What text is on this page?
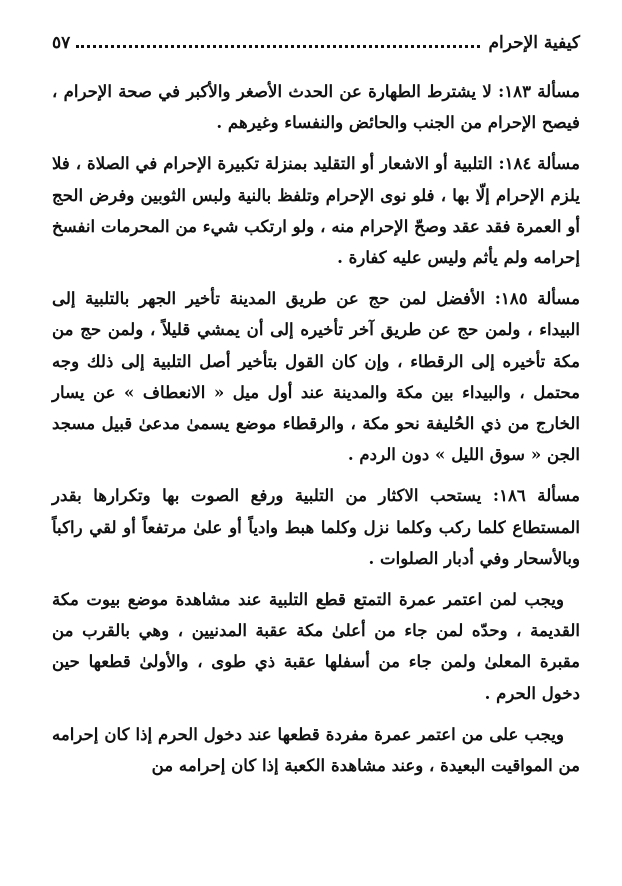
كيفية الإحرام
٥٧

مسألة ١٨٣: لا يشترط الطهارة عن الحدث الأصغر والأكبر في صحة الإحرام ، فيصح الإحرام من الجنب والحائض والنفساء وغيرهم .

مسألة ١٨٤: التلبية أو الاشعار أو التقليد بمنزلة تكبيرة الإحرام في الصلاة ، فلا يلزم الإحرام إلّا بها ، فلو نوى الإحرام وتلفظ بالنية ولبس الثوبين وفرض الحج أو العمرة فقد عقد وصحّ الإحرام منه ، ولو ارتكب شيء من المحرمات انفسخ إحرامه ولم يأثم وليس عليه كفارة .

مسألة ١٨٥: الأفضل لمن حج عن طريق المدينة تأخير الجهر بالتلبية إلى البيداء ، ولمن حج عن طريق آخر تأخيره إلى أن يمشي قليلاً ، ولمن حج من مكة تأخيره إلى الرقطاء ، وإن كان القول بتأخير أصل التلبية إلى ذلك وجه محتمل ، والبيداء بين مكة والمدينة عند أول ميل « الانعطاف » عن يسار الخارج من ذي الحُليفة نحو مكة ، والرقطاء موضع يسمىٰ مدعىٰ قبيل مسجد الجن « سوق الليل » دون الردم .

مسألة ١٨٦: يستحب الاكثار من التلبية ورفع الصوت بها وتكرارها بقدر المستطاع كلما ركب وكلما نزل وكلما هبط وادياً أو علىٰ مرتفعاً أو لقي راكباً وبالأسحار وفي أدبار الصلوات .

ويجب لمن اعتمر عمرة التمتع قطع التلبية عند مشاهدة موضع بيوت مكة القديمة ، وحدّه لمن جاء من أعلىٰ مكة عقبة المدنيين ، وهي بالقرب من مقبرة المعلىٰ ولمن جاء من أسفلها عقبة ذي طوى ، والأولىٰ قطعها حين دخول الحرم .

ويجب على من اعتمر عمرة مفردة قطعها عند دخول الحرم إذا كان إحرامه من المواقيت البعيدة ، وعند مشاهدة الكعبة إذا كان إحرامه من
